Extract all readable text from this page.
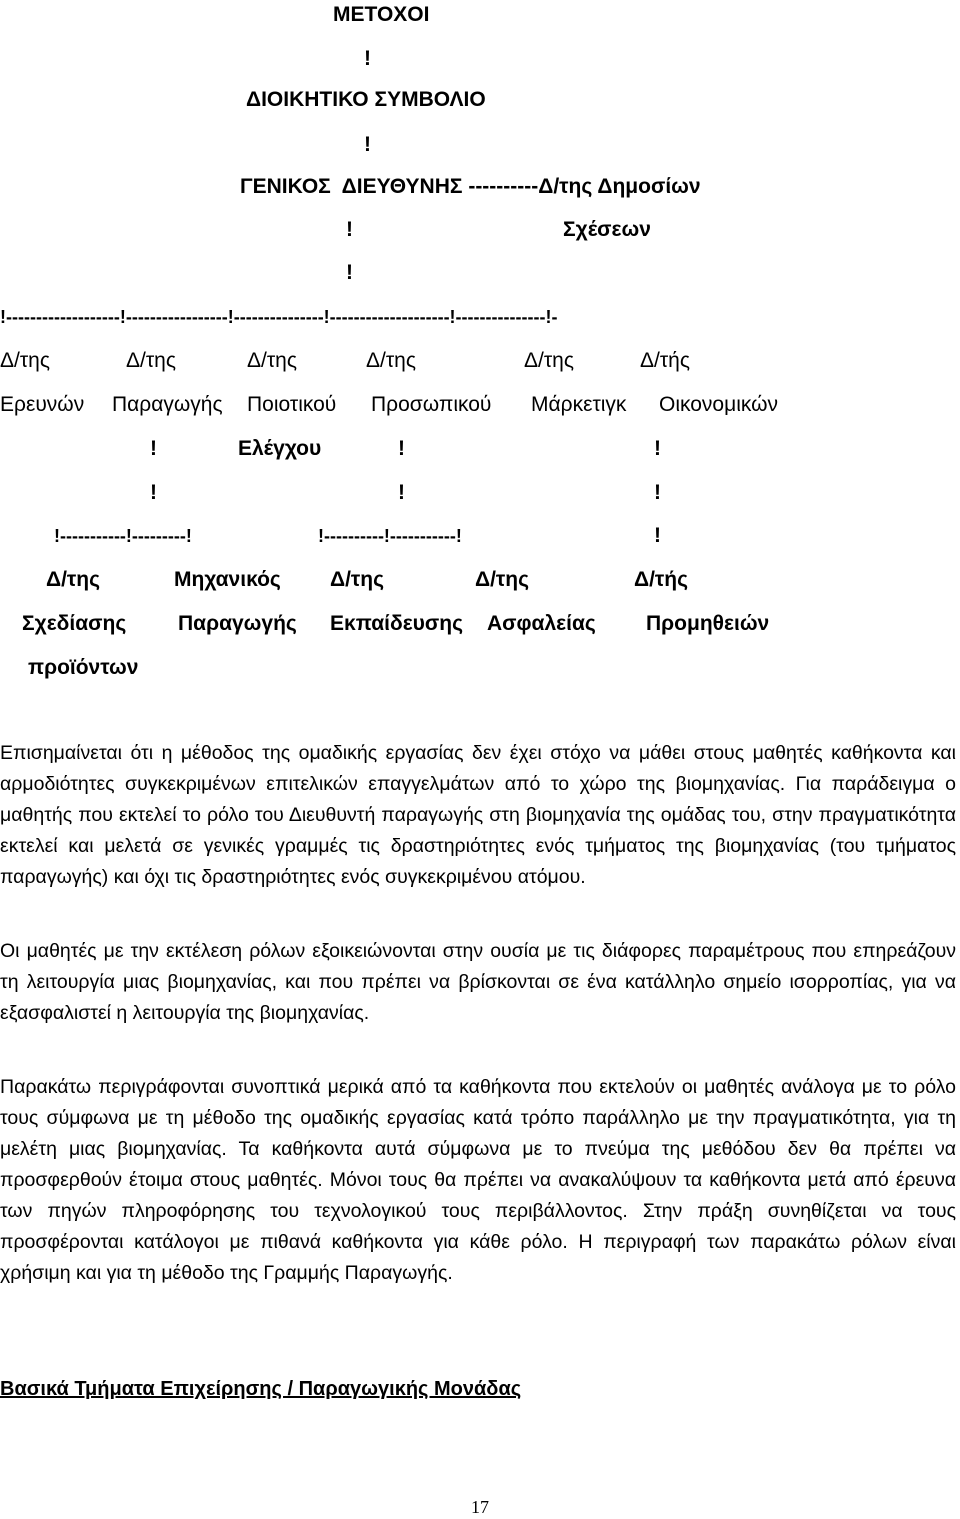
ΜΕΤΟΧΟΙ
!
ΔΙΟΙΚΗΤΙΚΟ ΣΥΜΒΟΛΙΟ
!
ΓΕΝΙΚΟΣ  ΔΙΕΥΘΥΝΗΣ ----------Δ/της Δημοσίων
!	Σχέσεων
!
!-------------------!-----------------!---------------!--------------------!---------------!-
Δ/της	Δ/της	Δ/της	Δ/της	Δ/της	Δ/τής
Ερευνών Παραγωγής Ποιοτικού Προσωπικού Μάρκετιγκ Οικονομικών
!	Ελέγχου	!	!
!	!	!
!-----------!---------!	!----------!-----------!	!
Δ/της	Μηχανικός Δ/της	Δ/της	Δ/τής
Σχεδίασης Παραγωγής Εκπαίδευσης Ασφαλείας Προμηθειών
προϊόντων
Επισημαίνεται ότι η μέθοδος της ομαδικής εργασίας δεν έχει στόχο να μάθει στους μαθητές καθήκοντα και αρμοδιότητες συγκεκριμένων επιτελικών επαγγελμάτων από το χώρο της βιομηχανίας. Για παράδειγμα ο μαθητής που εκτελεί το ρόλο του Διευθυντή παραγωγής στη βιομηχανία της ομάδας του, στην πραγματικότητα εκτελεί και μελετά σε γενικές γραμμές τις δραστηριότητες ενός τμήματος της βιομηχανίας (του τμήματος παραγωγής) και όχι τις δραστηριότητες ενός συγκεκριμένου ατόμου.
Οι μαθητές με την εκτέλεση ρόλων εξοικειώνονται στην ουσία με τις διάφορες παραμέτρους που επηρεάζουν τη λειτουργία μιας βιομηχανίας, και που πρέπει να βρίσκονται σε ένα κατάλληλο σημείο ισορροπίας, για να εξασφαλιστεί η λειτουργία της βιομηχανίας.
Παρακάτω περιγράφονται συνοπτικά μερικά από τα καθήκοντα που εκτελούν οι μαθητές ανάλογα με το ρόλο τους σύμφωνα με τη μέθοδο της ομαδικής εργασίας κατά τρόπο παράλληλο με την πραγματικότητα, για τη μελέτη μιας βιομηχανίας. Τα καθήκοντα αυτά σύμφωνα με το πνεύμα της μεθόδου δεν θα πρέπει να προσφερθούν έτοιμα στους μαθητές. Μόνοι τους θα πρέπει να ανακαλύψουν τα καθήκοντα μετά από έρευνα των πηγών πληροφόρησης του τεχνολογικού τους περιβάλλοντος. Στην πράξη συνηθίζεται να τους προσφέρονται κατάλογοι με πιθανά καθήκοντα για κάθε ρόλο. Η περιγραφή των παρακάτω ρόλων είναι χρήσιμη και για τη μέθοδο της Γραμμής Παραγωγής.
Βασικά Τμήματα Επιχείρησης / Παραγωγικής Μονάδας
17
